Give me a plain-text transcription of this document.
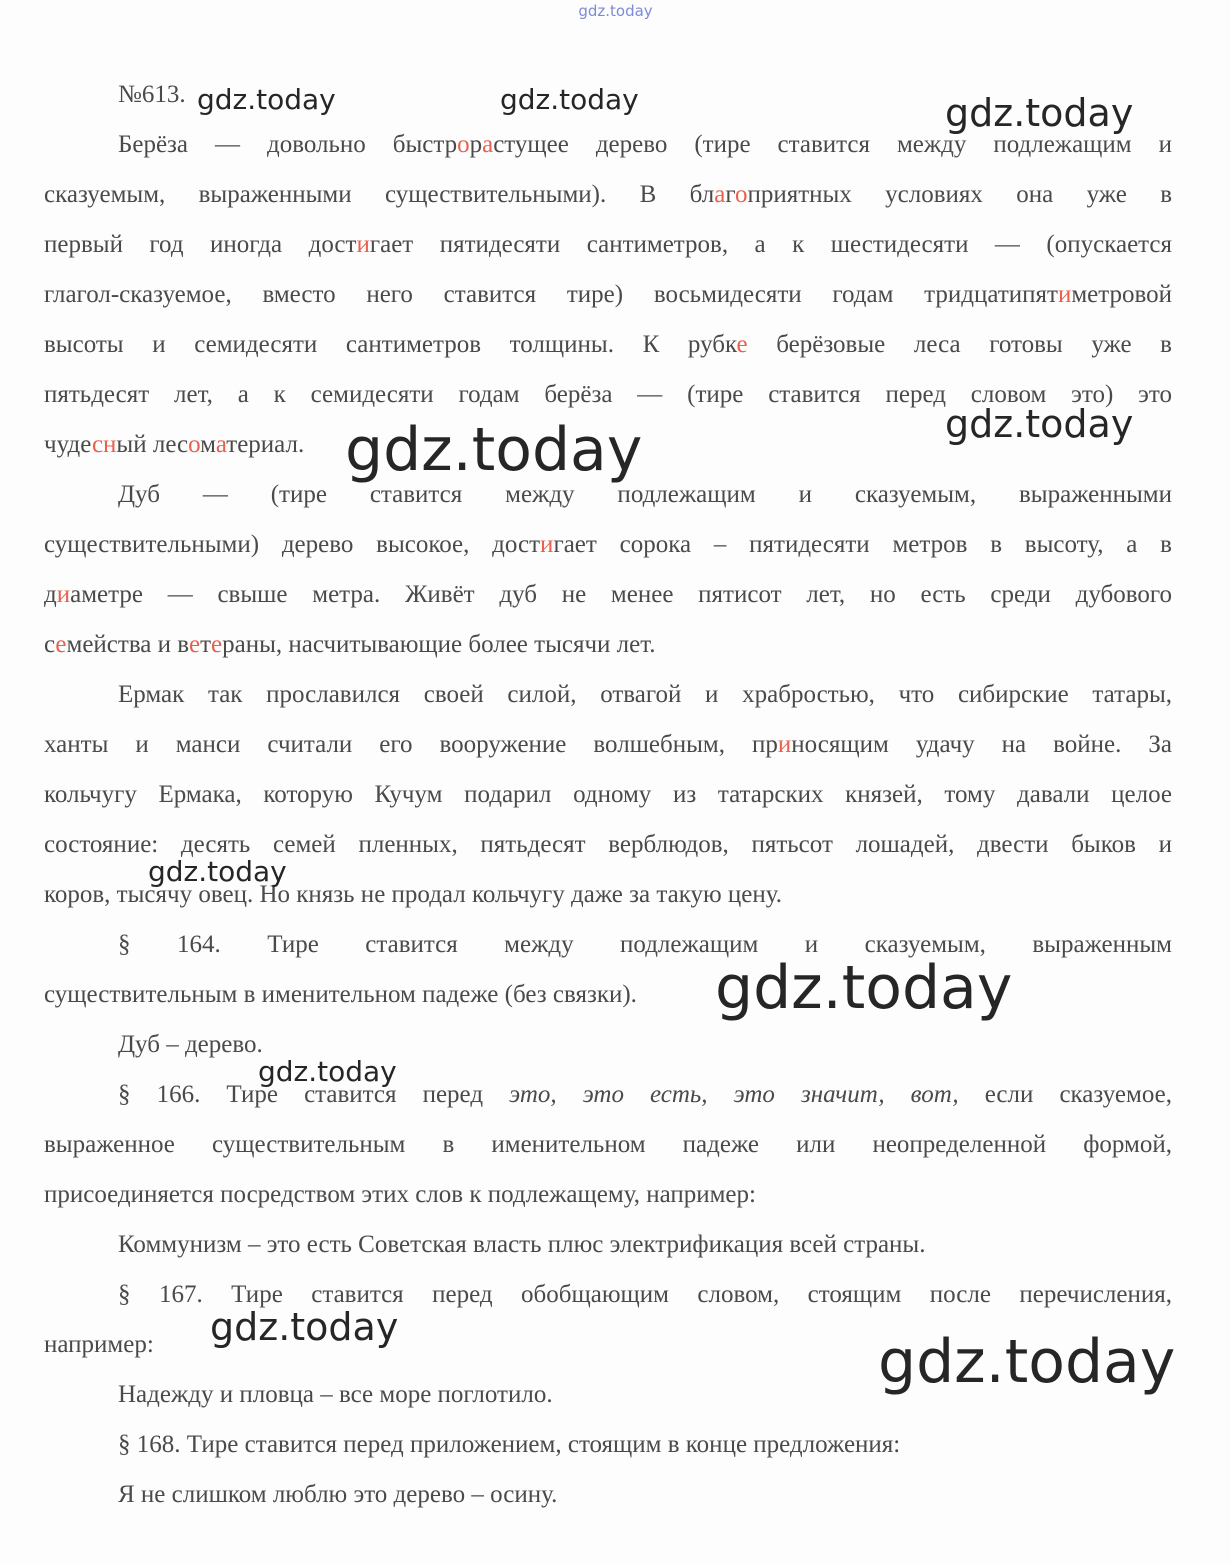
gdz.today
№613.
Берёза — довольно быстрорастущее дерево (тире ставится между подлежащим и
сказуемым, выраженными существительными). В благоприятных условиях она уже в
первый год иногда достигает пятидесяти сантиметров, а к шестидесяти — (опускается
глагол-сказуемое, вместо него ставится тире) восьмидесяти годам тридцатипятиметровой
высоты и семидесяти сантиметров толщины. К рубке берёзовые леса готовы уже в
пятьдесят лет, а к семидесяти годам берёза — (тире ставится перед словом это) это
чудесный лесоматериал.
Дуб — (тире ставится между подлежащим и сказуемым, выраженными
существительными) дерево высокое, достигает сорока – пятидесяти метров в высоту, а в
диаметре — свыше метра. Живёт дуб не менее пятисот лет, но есть среди дубового
семейства и ветераны, насчитывающие более тысячи лет.
Ермак так прославился своей силой, отвагой и храбростью, что сибирские татары,
ханты и манси считали его вооружение волшебным, приносящим удачу на войне. За
кольчугу Ермака, которую Кучум подарил одному из татарских князей, тому давали целое
состояние: десять семей пленных, пятьдесят верблюдов, пятьсот лошадей, двести быков и
коров, тысячу овец. Но князь не продал кольчугу даже за такую цену.
§ 164. Тире ставится между подлежащим и сказуемым, выраженным
существительным в именительном падеже (без связки).
Дуб – дерево.
§ 166. Тире ставится перед это, это есть, это значит, вот, если сказуемое,
выраженное существительным в именительном падеже или неопределенной формой,
присоединяется посредством этих слов к подлежащему, например:
Коммунизм – это есть Советская власть плюс электрификация всей страны.
§ 167. Тире ставится перед обобщающим словом, стоящим после перечисления,
например:
Надежду и пловца – все море поглотило.
§ 168. Тире ставится перед приложением, стоящим в конце предложения:
Я не слишком люблю это дерево – осину.
gdz.today	gdz.today	gdz.today
gdz.today
gdz.today
gdz.today
gdz.today
gdz.today
gdz.today	gdz.today
